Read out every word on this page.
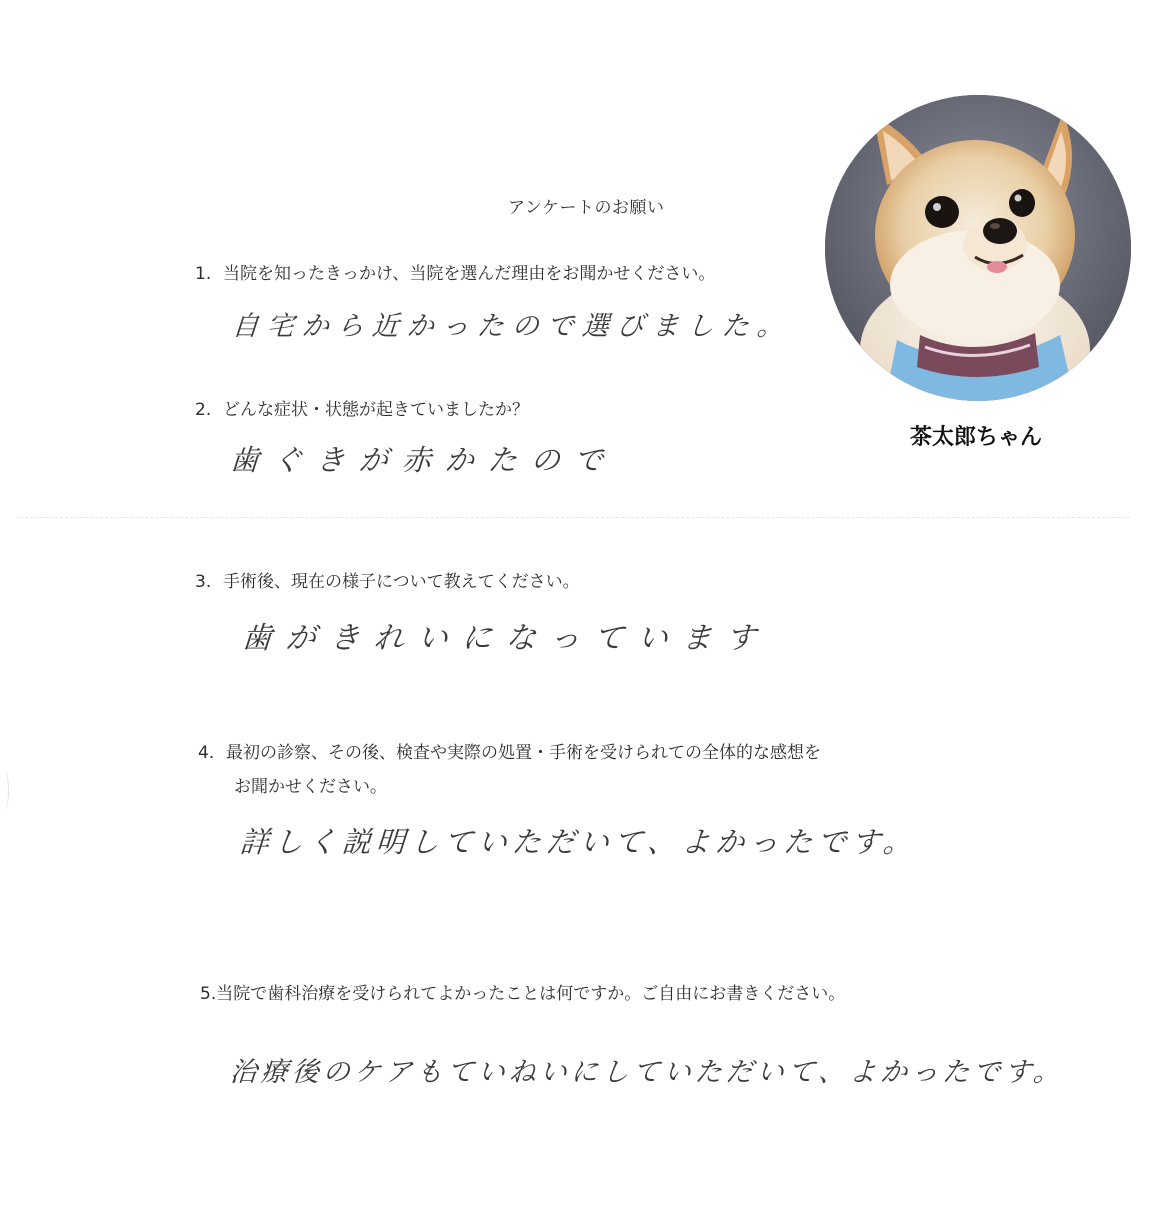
アンケートのお願い
1. 当院を知ったきっかけ、当院を選んだ理由をお聞かせください。
自宅から近かったので選びました。
2. どんな症状・状態が起きていましたか？
歯ぐきが赤かたので
3. 手術後、現在の様子について教えてください。
歯がきれいになっています
4. 最初の診察、その後、検査や実際の処置・手術を受けられての全体的な感想を
お聞かせください。
詳しく説明していただいて、よかったです。
5.当院で歯科治療を受けられてよかったことは何ですか。ご自由にお書きください。
治療後のケアもていねいにしていただいて、よかったです。
茶太郎ちゃん
